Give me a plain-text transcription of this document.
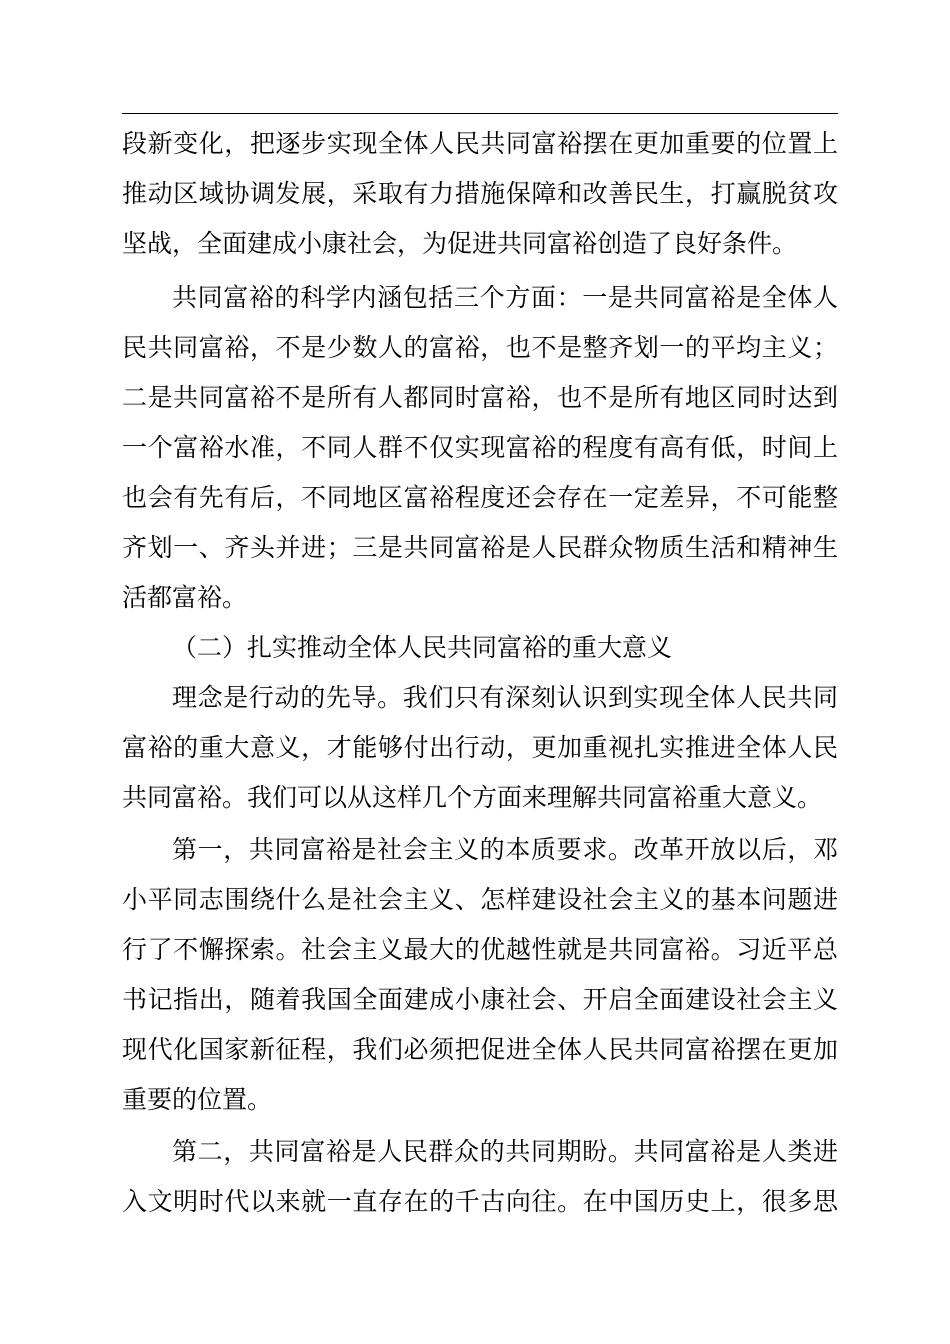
段新变化，把逐步实现全体人民共同富裕摆在更加重要的位置上
推动区域协调发展，采取有力措施保障和改善民生，打赢脱贫攻
坚战，全面建成小康社会，为促进共同富裕创造了良好条件。
共同富裕的科学内涵包括三个方面：一是共同富裕是全体人
民共同富裕，不是少数人的富裕，也不是整齐划一的平均主义；
二是共同富裕不是所有人都同时富裕，也不是所有地区同时达到
一个富裕水准，不同人群不仅实现富裕的程度有高有低，时间上
也会有先有后，不同地区富裕程度还会存在一定差异，不可能整
齐划一、齐头并进；三是共同富裕是人民群众物质生活和精神生
活都富裕。
（二）扎实推动全体人民共同富裕的重大意义
理念是行动的先导。我们只有深刻认识到实现全体人民共同
富裕的重大意义，才能够付出行动，更加重视扎实推进全体人民
共同富裕。我们可以从这样几个方面来理解共同富裕重大意义。
第一，共同富裕是社会主义的本质要求。改革开放以后，邓
小平同志围绕什么是社会主义、怎样建设社会主义的基本问题进
行了不懈探索。社会主义最大的优越性就是共同富裕。习近平总
书记指出，随着我国全面建成小康社会、开启全面建设社会主义
现代化国家新征程，我们必须把促进全体人民共同富裕摆在更加
重要的位置。
第二，共同富裕是人民群众的共同期盼。共同富裕是人类进
入文明时代以来就一直存在的千古向往。在中国历史上，很多思
